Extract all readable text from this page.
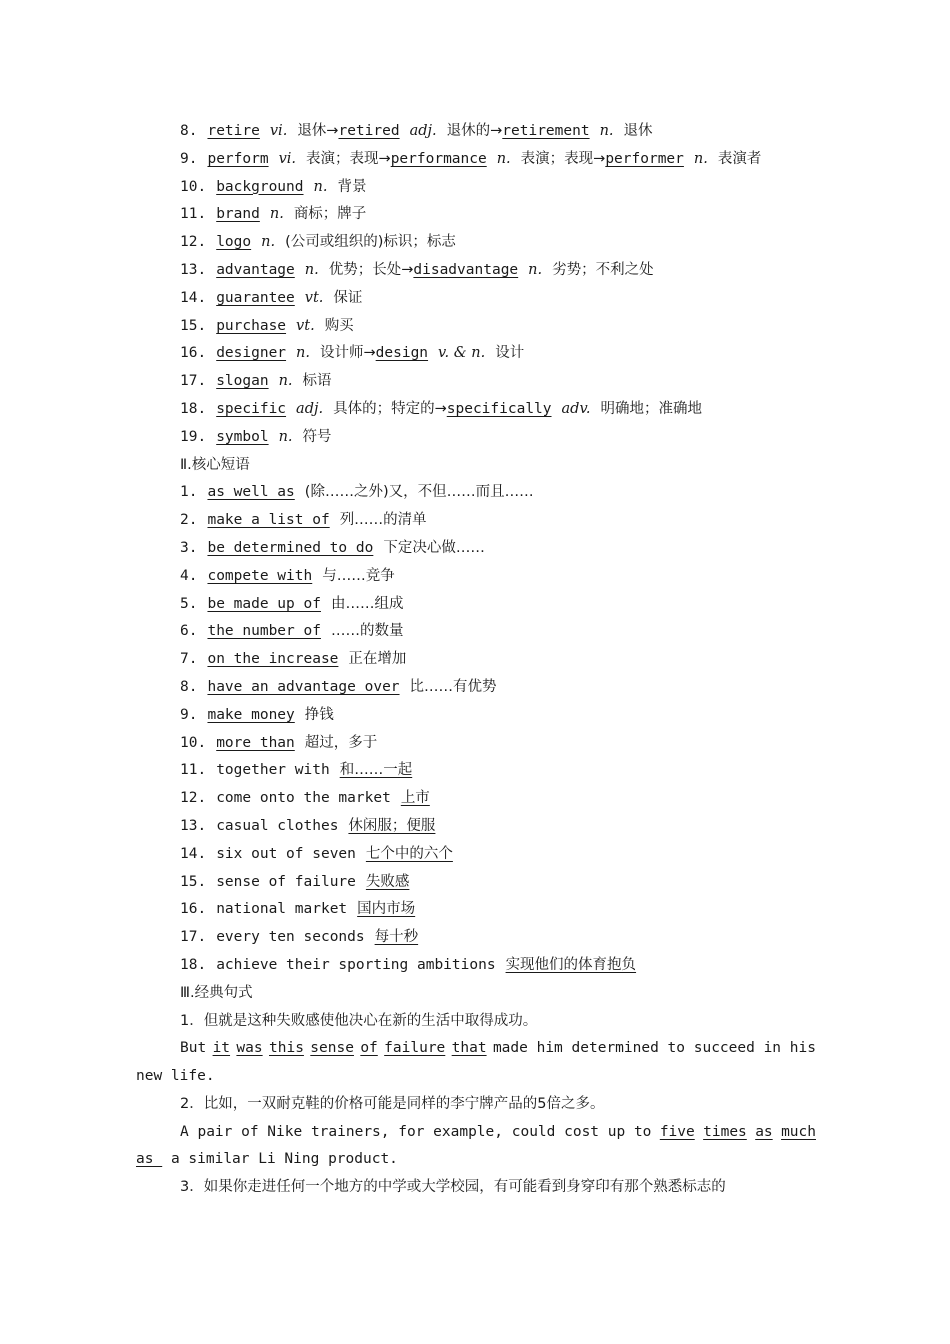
8. retire vi. 退休→retired adj. 退休的→retirement n. 退休
9. perform vi. 表演；表现→performance n. 表演；表现→performer n. 表演者
10. background n. 背景
11. brand n. 商标；牌子
12. logo n. (公司或组织的)标识；标志
13. advantage n. 优势；长处→disadvantage n. 劣势；不利之处
14. guarantee vt. 保证
15. purchase vt. 购买
16. designer n. 设计师→design v. & n. 设计
17. slogan n. 标语
18. specific adj. 具体的；特定的→specifically adv. 明确地；准确地
19. symbol n. 符号
Ⅱ.核心短语
1. as well as (除……之外)又，不但……而且……
2. make a list of 列……的清单
3. be determined to do 下定决心做……
4. compete with 与……竞争
5. be made up of 由……组成
6. the number of ……的数量
7. on the increase 正在增加
8. have an advantage over 比……有优势
9. make money 挣钱
10. more than 超过，多于
11. together with 和……一起
12. come onto the market 上市
13. casual clothes 休闲服；便服
14. six out of seven 七个中的六个
15. sense of failure 失败感
16. national market 国内市场
17. every ten seconds 每十秒
18. achieve their sporting ambitions 实现他们的体育抱负
Ⅲ.经典句式
1．但就是这种失败感使他决心在新的生活中取得成功。
But it was this sense of failure that made him determined to succeed in his
new life.
2．比如，一双耐克鞋的价格可能是同样的李宁牌产品的5倍之多。
A pair of Nike trainers, for example, could cost up to five times as much
as  a similar Li Ning product.
3．如果你走进任何一个地方的中学或大学校园，有可能看到身穿印有那个熟悉标志的
